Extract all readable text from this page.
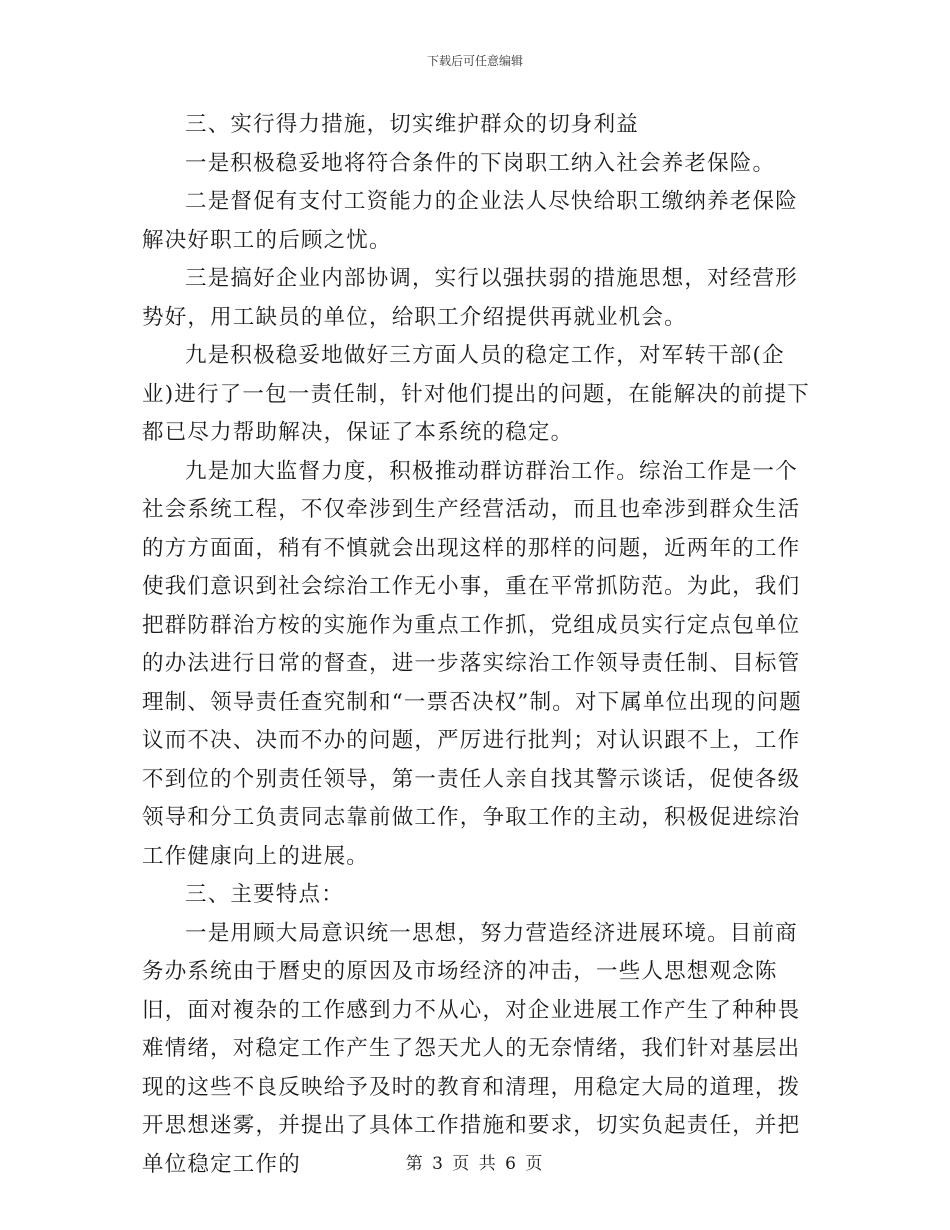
下载后可任意编辑

三、实行得力措施，切实维护群众的切身利益

一是积极稳妥地将符合条件的下岗职工纳入社会养老保险。

二是督促有支付工资能力的企业法人尽快给职工缴纳养老保险解决好职工的后顾之忧。

三是搞好企业内部协调，实行以强扶弱的措施思想，对经营形势好，用工缺员的单位，给职工介绍提供再就业机会。

九是积极稳妥地做好三方面人员的稳定工作，对军转干部(企业)进行了一包一责任制，针对他们提出的问题，在能解决的前提下都已尽力帮助解决，保证了本系统的稳定。

九是加大监督力度，积极推动群访群治工作。综治工作是一个社会系统工程，不仅牵涉到生产经营活动，而且也牵涉到群众生活的方方面面，稍有不慎就会出现这样的那样的问题，近两年的工作使我们意识到社会综治工作无小事，重在平常抓防范。为此，我们把群防群治方桉的实施作为重点工作抓，党组成员实行定点包单位的办法进行日常的督查，进一步落实综治工作领导责任制、目标管理制、领导责任查究制和“一票否决权”制。对下属单位出现的问题议而不决、决而不办的问题，严厉进行批判；对认识跟不上，工作不到位的个别责任领导，第一责任人亲自找其警示谈话，促使各级领导和分工负责同志靠前做工作，争取工作的主动，积极促进综治工作健康向上的进展。

三、主要特点：

一是用顾大局意识统一思想，努力营造经济进展环境。目前商务办系统由于曆史的原因及市场经济的冲击，一些人思想观念陈旧，面对複杂的工作感到力不从心，对企业进展工作产生了种种畏难情绪，对稳定工作产生了怨天尤人的无奈情绪，我们针对基层出现的这些不良反映给予及时的教育和清理，用稳定大局的道理，拨开思想迷雾，并提出了具体工作措施和要求，切实负起责任，并把单位稳定工作的	第 3 页 共 6 页
